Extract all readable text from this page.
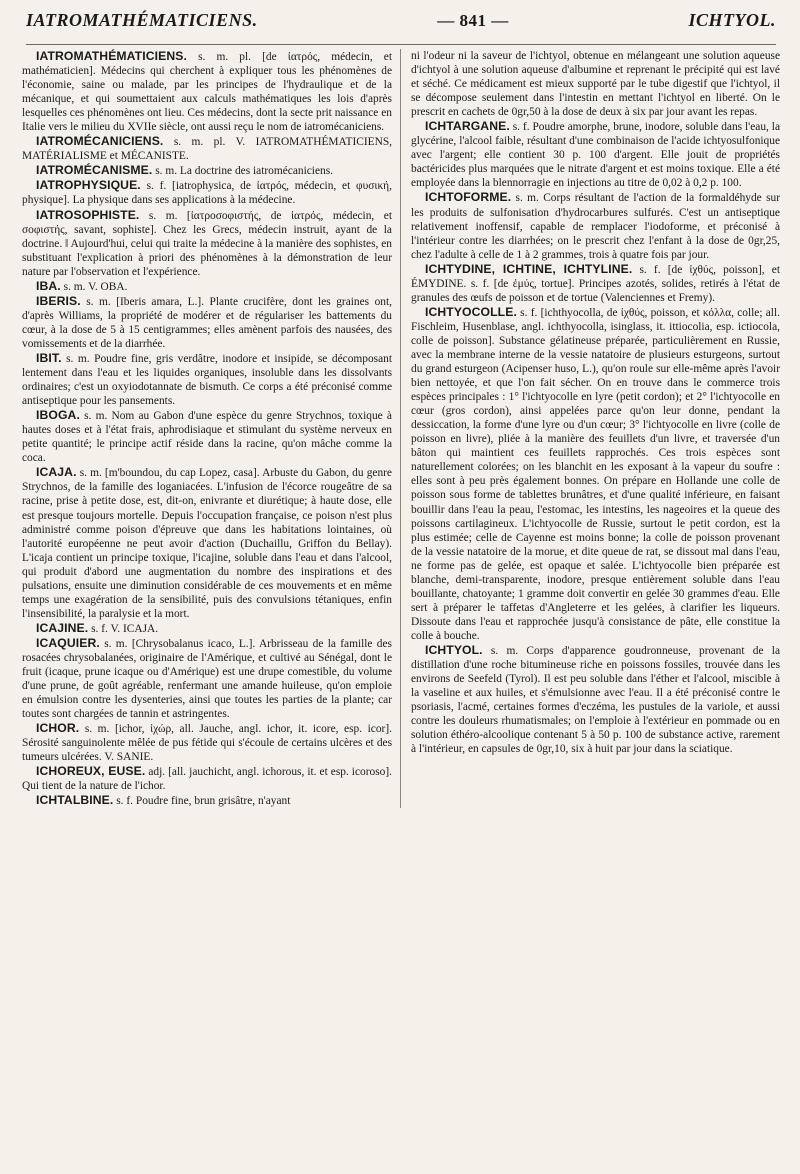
IATROMATHÉMATICIENS.	— 841 —	ICHTYOL.

IATROMATHÉMATICIENS. s. m. pl. [de ἰατρός, médecin, et mathématicien]. Médecins qui cherchent à expliquer tous les phénomènes de l'économie, saine ou malade, par les principes de l'hydraulique et de la mécanique, et qui soumettaient aux calculs mathématiques les lois d'après lesquelles ces phénomènes ont lieu. Ces médecins, dont la secte prit naissance en Italie vers le milieu du XVIIe siècle, ont aussi reçu le nom de iatromécaniciens.

IATROMÉCANICIENS. s. m. pl. V. IATROMATHÉMATICIENS, MATÉRIALISME et MÉCANISTE.

IATROMÉCANISME. s. m. La doctrine des iatromécaniciens.

IATROPHYSIQUE. s. f. [iatrophysica, de ἰατρός, médecin, et φυσική, physique]. La physique dans ses applications à la médecine.

IATROSOPHISTE. s. m. [ἰατροσοφιστής, de ἰατρός, médecin, et σοφιστής, savant, sophiste]. Chez les Grecs, médecin instruit, ayant de la doctrine. ‖ Aujourd'hui, celui qui traite la médecine à la manière des sophistes, en substituant l'explication à priori des phénomènes à la démonstration de leur nature par l'observation et l'expérience.

IBA. s. m. V. OBA.

IBERIS. s. m. [Iberis amara, L.]. Plante crucifère, dont les graines ont, d'après Williams, la propriété de modérer et de régulariser les battements du cœur, à la dose de 5 à 15 centigrammes; elles amènent parfois des nausées, des vomissements et de la diarrhée.

IBIT. s. m. Poudre fine, gris verdâtre, inodore et insipide, se décomposant lentement dans l'eau et les liquides organiques, insoluble dans les dissolvants ordinaires; c'est un oxyiodotannate de bismuth. Ce corps a été préconisé comme antiseptique pour les pansements.

IBOGA. s. m. Nom au Gabon d'une espèce du genre Strychnos, toxique à hautes doses et à l'état frais, aphrodisiaque et stimulant du système nerveux en petite quantité; le principe actif réside dans la racine, qu'on mâche comme la coca.

ICAJA. s. m. [m'boundou, du cap Lopez, casa]. Arbuste du Gabon, du genre Strychnos, de la famille des loganiacées. L'infusion de l'écorce rougeâtre de sa racine, prise à petite dose, est, dit-on, enivrante et diurétique; à haute dose, elle est presque toujours mortelle. Depuis l'occupation française, ce poison n'est plus administré comme poison d'épreuve que dans les habitations lointaines, où l'autorité européenne ne peut avoir d'action (Duchaillu, Griffon du Bellay). L'icaja contient un principe toxique, l'icajine, soluble dans l'eau et dans l'alcool, qui produit d'abord une augmentation du nombre des inspirations et des pulsations, ensuite une diminution considérable de ces mouvements et en même temps une exagération de la sensibilité, puis des convulsions tétaniques, enfin l'insensibilité, la paralysie et la mort.

ICAJINE. s. f. V. ICAJA.

ICAQUIER. s. m. [Chrysobalanus icaco, L.]. Arbrisseau de la famille des rosacées chrysobalanées, originaire de l'Amérique, et cultivé au Sénégal, dont le fruit (icaque, prune icaque ou d'Amérique) est une drupe comestible, du volume d'une prune, de goût agréable, renfermant une amande huileuse, qu'on emploie en émulsion contre les dysenteries, ainsi que toutes les parties de la plante; car toutes sont chargées de tannin et astringentes.

ICHOR. s. m. [ichor, ἰχώρ, all. Jauche, angl. ichor, it. icore, esp. icor]. Sérosité sanguinolente mêlée de pus fétide qui s'écoule de certains ulcères et des tumeurs ulcérées. V. SANIE.

ICHOREUX, EUSE. adj. [all. jauchicht, angl. ichorous, it. et esp. icoroso]. Qui tient de la nature de l'ichor.

ICHTALBINE. s. f. Poudre fine, brun grisâtre, n'ayant

ni l'odeur ni la saveur de l'ichtyol, obtenue en mélangeant une solution aqueuse d'ichtyol à une solution aqueuse d'albumine et reprenant le précipité qui est lavé et séché. Ce médicament est mieux supporté par le tube digestif que l'ichtyol, il se décompose seulement dans l'intestin en mettant l'ichtyol en liberté. On le prescrit en cachets de 0gr,50 à la dose de deux à six par jour avant les repas.

ICHTARGANE. s. f. Poudre amorphe, brune, inodore, soluble dans l'eau, la glycérine, l'alcool faible, résultant d'une combinaison de l'acide ichtyosulfonique avec l'argent; elle contient 30 p. 100 d'argent. Elle jouit de propriétés bactéricides plus marquées que le nitrate d'argent et est moins toxique. Elle a été employée dans la blennorragie en injections au titre de 0,02 à 0,2 p. 100.

ICHTOFORME. s. m. Corps résultant de l'action de la formaldéhyde sur les produits de sulfonisation d'hydrocarbures sulfurés. C'est un antiseptique relativement inoffensif, capable de remplacer l'iodoforme, et préconisé à l'intérieur contre les diarrhées; on le prescrit chez l'enfant à la dose de 0gr,25, chez l'adulte à celle de 1 à 2 grammes, trois à quatre fois par jour.

ICHTYDINE, ICHTINE, ICHTYLINE. s. f. [de ἰχθύς, poisson], et ÉMYDINE. s. f. [de ἐμύς, tortue]. Principes azotés, solides, retirés à l'état de granules des œufs de poisson et de tortue (Valenciennes et Fremy).

ICHTYOCOLLE. s. f. [ichthyocolla, de ἰχθύς, poisson, et κόλλα, colle; all. Fischleim, Husenblase, angl. ichthyocolla, isinglass, it. ittiocolia, esp. ictiocola, colle de poisson]. Substance gélatineuse préparée, particulièrement en Russie, avec la membrane interne de la vessie natatoire de plusieurs esturgeons, surtout du grand esturgeon (Acipenser huso, L.), qu'on roule sur elle-même après l'avoir bien nettoyée, et que l'on fait sécher. On en trouve dans le commerce trois espèces principales : 1° l'ichtyocolle en lyre (petit cordon); et 2° l'ichtyocolle en cœur (gros cordon), ainsi appelées parce qu'on leur donne, pendant la dessiccation, la forme d'une lyre ou d'un cœur; 3° l'ichtyocolle en livre (colle de poisson en livre), pliée à la manière des feuillets d'un livre, et traversée d'un bâton qui maintient ces feuillets rapprochés. Ces trois espèces sont naturellement colorées; on les blanchit en les exposant à la vapeur du soufre : elles sont à peu près également bonnes. On prépare en Hollande une colle de poisson sous forme de tablettes brunâtres, et d'une qualité inférieure, en faisant bouillir dans l'eau la peau, l'estomac, les intestins, les nageoires et la queue des poissons cartilagineux. L'ichtyocolle de Russie, surtout le petit cordon, est la plus estimée; celle de Cayenne est moins bonne; la colle de poisson provenant de la vessie natatoire de la morue, et dite queue de rat, se dissout mal dans l'eau, ne forme pas de gelée, est opaque et salée. L'ichtyocolle bien préparée est blanche, demi-transparente, inodore, presque entièrement soluble dans l'eau bouillante, chatoyante; 1 gramme doit convertir en gelée 30 grammes d'eau. Elle sert à préparer le taffetas d'Angleterre et les gelées, à clarifier les liqueurs. Dissoute dans l'eau et rapprochée jusqu'à consistance de pâte, elle constitue la colle à bouche.

ICHTYOL. s. m. Corps d'apparence goudronneuse, provenant de la distillation d'une roche bitumineuse riche en poissons fossiles, trouvée dans les environs de Seefeld (Tyrol). Il est peu soluble dans l'éther et l'alcool, miscible à la vaseline et aux huiles, et s'émulsionne avec l'eau. Il a été préconisé contre le psoriasis, l'acmé, certaines formes d'eczéma, les pustules de la variole, et aussi contre les douleurs rhumatismales; on l'emploie à l'extérieur en pommade ou en solution éthéro-alcoolique contenant 5 à 50 p. 100 de substance active, rarement à l'intérieur, en capsules de 0gr,10, six à huit par jour dans la sciatique.
